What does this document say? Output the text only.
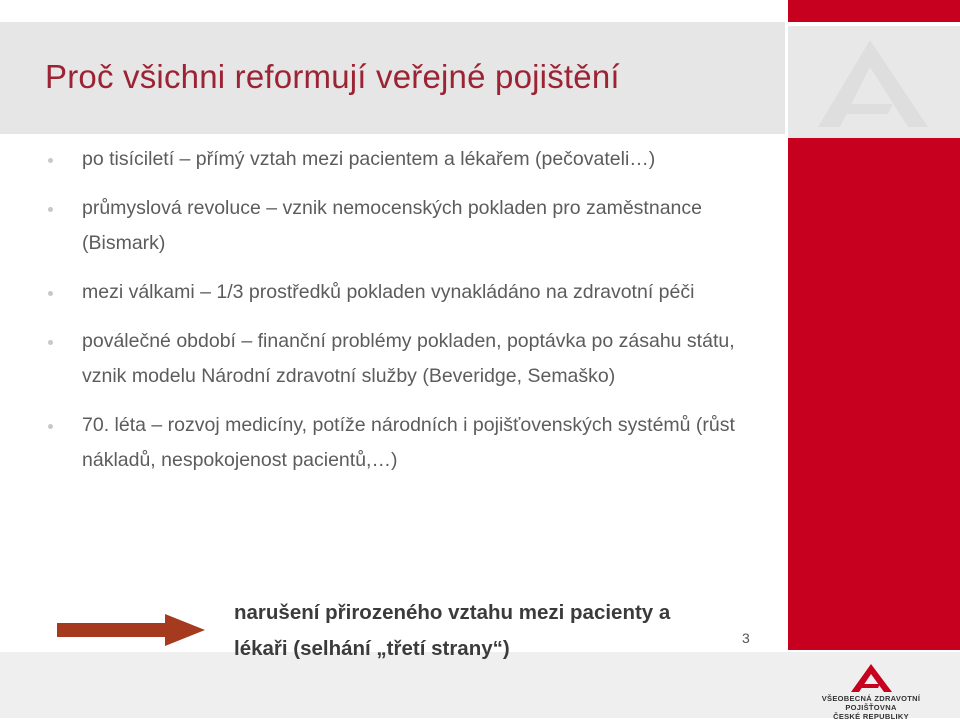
Proč všichni reformují veřejné pojištění
po tisíciletí – přímý vztah mezi pacientem a lékařem (pečovateli…)
průmyslová revoluce – vznik nemocenských pokladen pro zaměstnance (Bismark)
mezi válkami – 1/3 prostředků pokladen vynakládáno na zdravotní péči
poválečné období – finanční problémy pokladen, poptávka po zásahu státu, vznik modelu Národní zdravotní služby (Beveridge, Semaško)
70. léta – rozvoj medicíny, potíže národních i pojišťovenských systémů (růst nákladů, nespokojenost pacientů,…)
narušení přirozeného vztahu mezi pacienty a lékaři (selhání „třetí strany“)	3
VŠEOBECNÁ ZDRAVOTNÍ POJIŠŤOVNA
ČESKÉ REPUBLIKY
